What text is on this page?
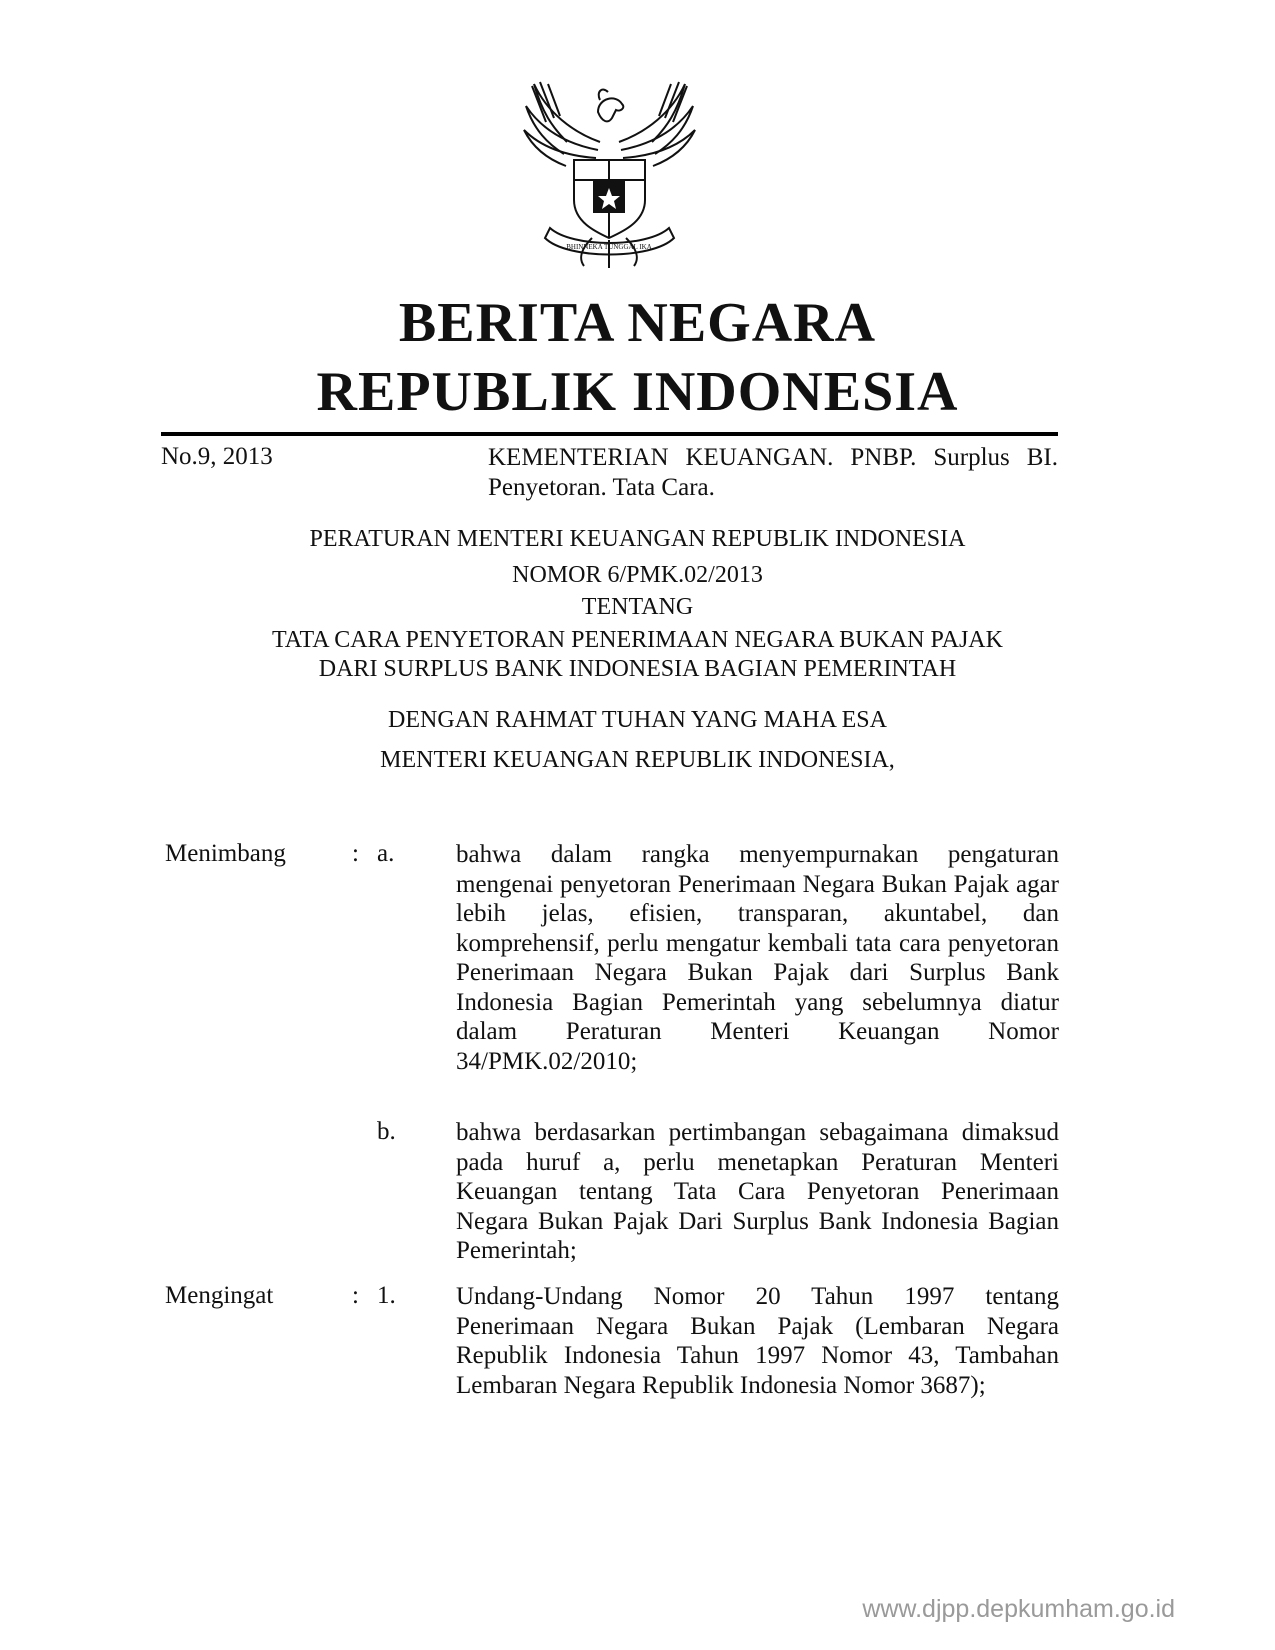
BHINNEKA TUNGGAL IKA
BERITA NEGARA
REPUBLIK INDONESIA
No.9, 2013	KEMENTERIAN KEUANGAN. PNBP. Surplus BI. Penyetoran. Tata Cara.
PERATURAN MENTERI KEUANGAN REPUBLIK INDONESIA
NOMOR 6/PMK.02/2013
TENTANG
TATA CARA PENYETORAN PENERIMAAN NEGARA BUKAN PAJAK
DARI SURPLUS BANK INDONESIA BAGIAN PEMERINTAH
DENGAN RAHMAT TUHAN YANG MAHA ESA
MENTERI KEUANGAN REPUBLIK INDONESIA,
Menimbang	: a. bahwa dalam rangka menyempurnakan pengaturan mengenai penyetoran Penerimaan Negara Bukan Pajak agar lebih jelas, efisien, transparan, akuntabel, dan komprehensif, perlu mengatur kembali tata cara penyetoran Penerimaan Negara Bukan Pajak dari Surplus Bank Indonesia Bagian Pemerintah yang sebelumnya diatur dalam Peraturan Menteri Keuangan Nomor 34/PMK.02/2010;
b. bahwa berdasarkan pertimbangan sebagaimana dimaksud pada huruf a, perlu menetapkan Peraturan Menteri Keuangan tentang Tata Cara Penyetoran Penerimaan Negara Bukan Pajak Dari Surplus Bank Indonesia Bagian Pemerintah;
Mengingat	: 1. Undang-Undang Nomor 20 Tahun 1997 tentang Penerimaan Negara Bukan Pajak (Lembaran Negara Republik Indonesia Tahun 1997 Nomor 43, Tambahan Lembaran Negara Republik Indonesia Nomor 3687);
www.djpp.depkumham.go.id
